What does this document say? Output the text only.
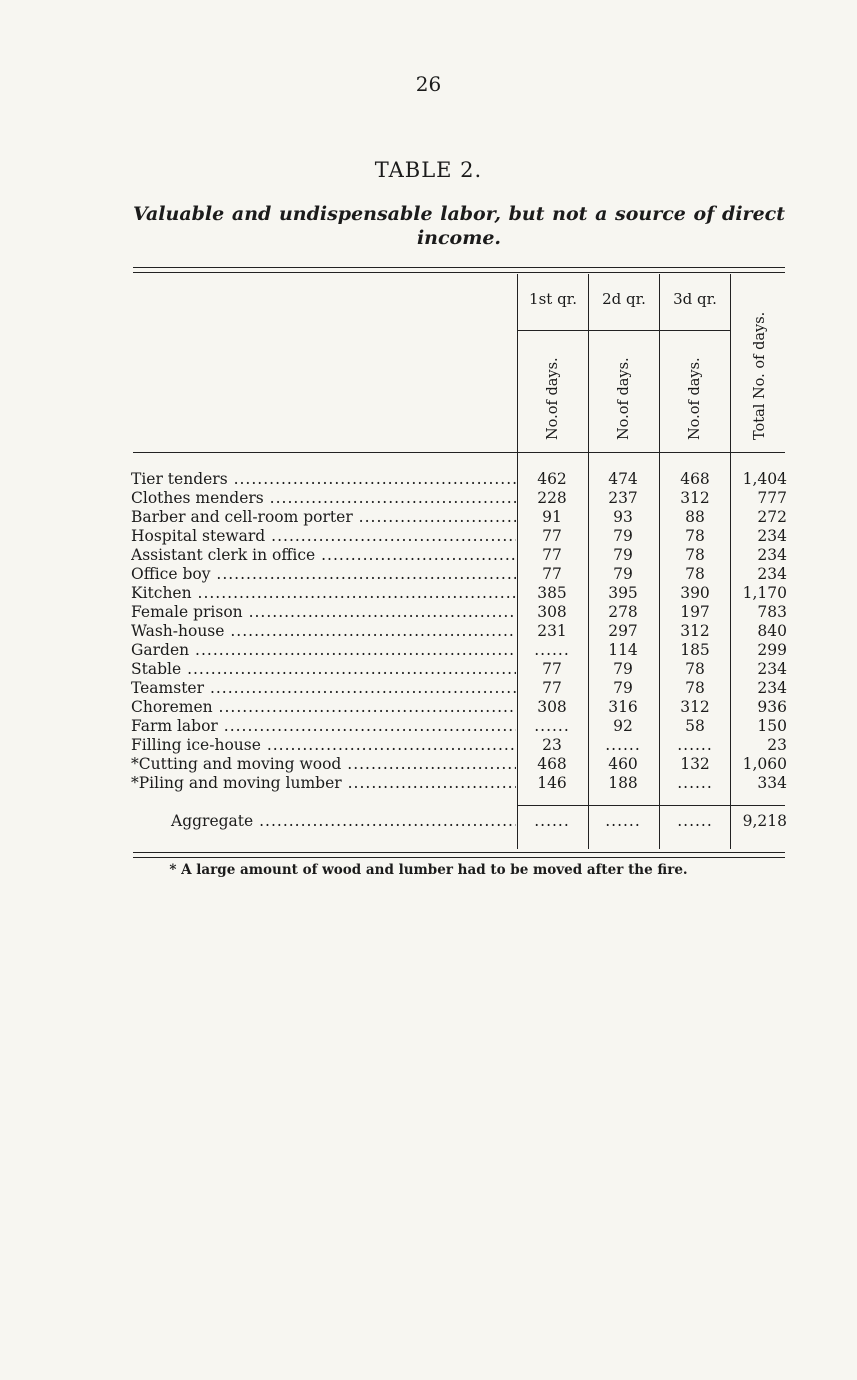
26
TABLE 2.
Valuable and undispensable labor, but not a source of direct income.
1st qr.	2d qr.	3d qr.
No.of days.	No.of days.	No.of days.	Total No. of days.
Tier tenders .....	462	474	468	1,404
Clothes menders .....	228	237	312	777
Barber and cell-room porter .....	91	93	88	272
Hospital steward .....	77	79	78	234
Assistant clerk in office .....	77	79	78	234
Office boy .....	77	79	78	234
Kitchen .....	385	395	390	1,170
Female prison .....	308	278	197	783
Wash-house .....	231	297	312	840
Garden .....	......	114	185	299
Stable .....	77	79	78	234
Teamster .....	77	79	78	234
Choremen .....	308	316	312	936
Farm labor .....	......	92	58	150
Filling ice-house .....	23	......	......	23
*Cutting and moving wood .....	468	460	132	1,060
*Piling and moving lumber .....	146	188	......	334
Aggregate .....	......	......	......	9,218
* A large amount of wood and lumber had to be moved after the fire.
